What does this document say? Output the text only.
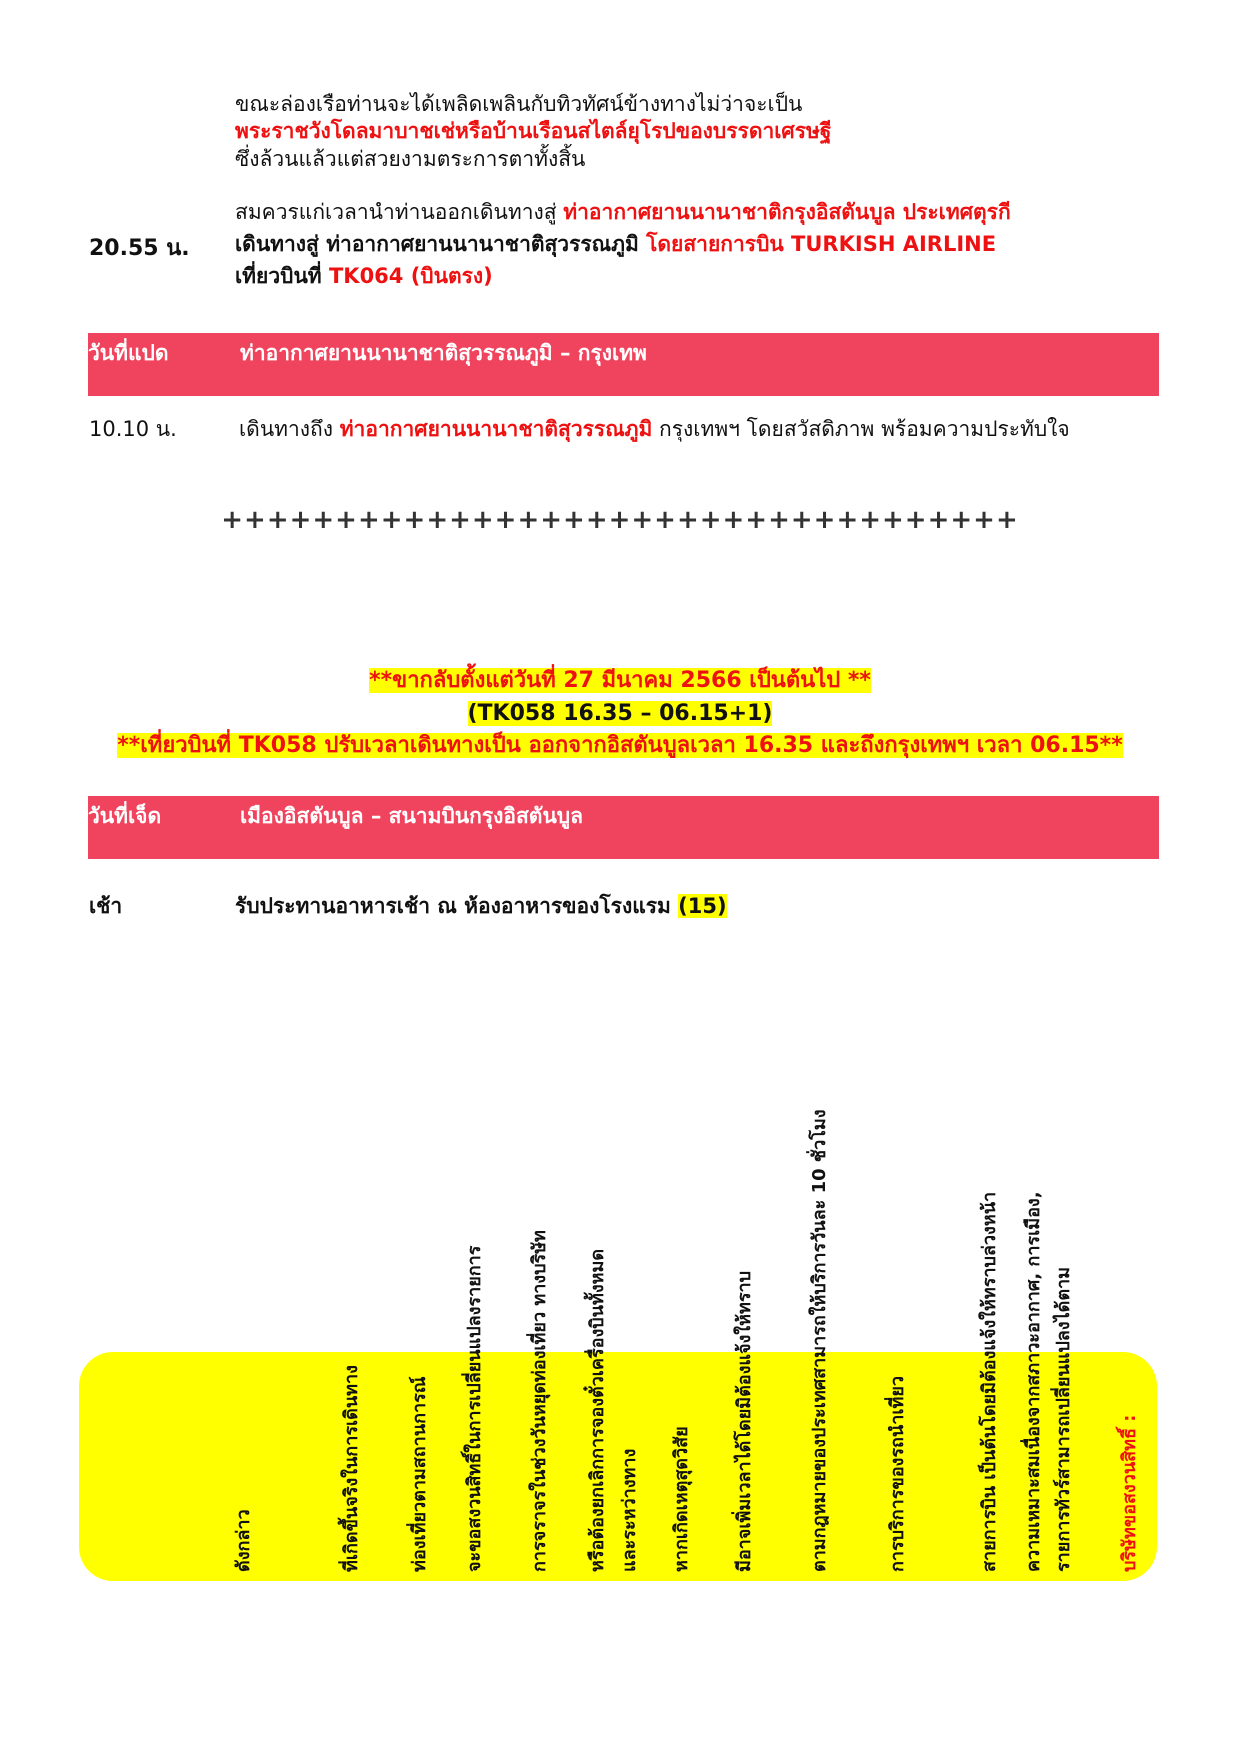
ขณะล่องเรือท่านจะได้เพลิดเพลินกับทิวทัศน์ข้างทางไม่ว่าจะเป็น
พระราชวังโดลมาบาชเช่หรือบ้านเรือนสไตล์ยุโรปของบรรดาเศรษฐี
ซึ่งล้วนแล้วแต่สวยงามตระการตาทั้งสิ้น
สมควรแก่เวลานำท่านออกเดินทางสู่ ท่าอากาศยานนานาชาติกรุงอิสตันบูล ประเทศตุรกี
20.55 น. เดินทางสู่ ท่าอากาศยานนานาชาติสุวรรณภูมิ โดยสายการบิน TURKISH AIRLINE
เที่ยวบินที่ TK064 (บินตรง)
วันที่แปด	ท่าอากาศยานนานาชาติสุวรรณภูมิ – กรุงเทพ
10.10 น.	เดินทางถึง ท่าอากาศยานนานาชาติสุวรรณภูมิ กรุงเทพฯ โดยสวัสดิภาพ พร้อมความประทับใจ
+++++++++++++++++++++++++++++++++++
**ขากลับตั้งแต่วันที่ 27 มีนาคม 2566 เป็นต้นไป **
(TK058 16.35 – 06.15+1)
**เที่ยวบินที่ TK058 ปรับเวลาเดินทางเป็น ออกจากอิสตันบูลเวลา 16.35 และถึงกรุงเทพฯ เวลา 06.15**
วันที่เจ็ด	เมืองอิสตันบูล – สนามบินกรุงอิสตันบูล
เช้า	รับประทานอาหารเช้า ณ ห้องอาหารของโรงแรม (15)
บริษัทขอสงวนสิทธิ์ :
รายการทัวร์สามารถเปลี่ยนแปลงได้ตาม
ความเหมาะสมเนื่องจากสภาวะอากาศ, การเมือง,
สายการบิน เป็นต้นโดยมิต้องแจ้งให้ทราบล่วงหน้า
การบริการของรถนำเที่ยว
ตามกฎหมายของประเทศสามารถให้บริการวันละ 10 ชั่วโมง
มีอาจเพิ่มเวลาได้โดยมิต้องแจ้งให้ทราบ
หากเกิดเหตุสุดวิสัย
และระหว่างทาง
หรือต้องยกเลิกการจองตั๋วเครื่องบินทั้งหมด
การจราจรในช่วงวันหยุดท่องเที่ยว ทางบริษัท
จะขอสงวนสิทธิ์ในการเปลี่ยนแปลงรายการ
ท่องเที่ยวตามสถานการณ์
ที่เกิดขึ้นจริงในการเดินทาง
ดังกล่าว
